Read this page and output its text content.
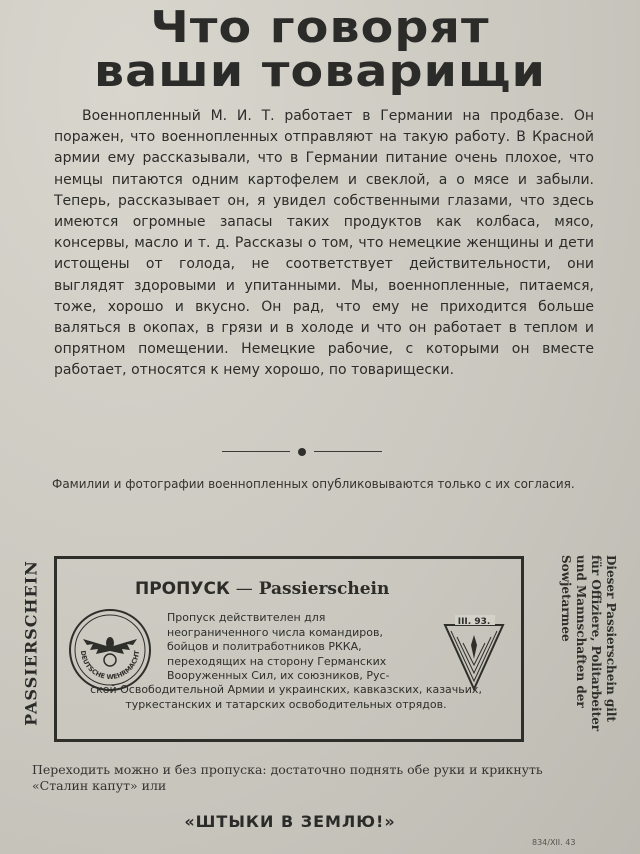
Что говорят
ваши товарищи
Военнопленный М. И. Т. работает в Германии на продбазе. Он поражен, что военнопленных отправляют на такую работу. В Красной армии ему рассказывали, что в Германии питание очень плохое, что немцы питаются одним картофелем и свеклой, а о мясе и забыли. Теперь, рассказывает он, я увидел собственными глазами, что здесь имеются огромные запасы таких продуктов как колбаса, мясо, консервы, масло и т. д. Рассказы о том, что немецкие женщины и дети истощены от голода, не соответствует действительности, они выглядят здоровыми и упитанными. Мы, военнопленные, питаемся, тоже, хорошо и вкусно. Он рад, что ему не приходится больше валяться в окопах, в грязи и в холоде и что он работает в теплом и опрятном помещении. Немецкие рабочие, с которыми он вместе работает, относятся к нему хорошо, по товарищески.
Фамилии и фотографии военнопленных опубликовываются только с их согласия.
PASSIERSCHEIN	ПРОПУСК — Passierschein
DEUTSCHE WEHRMACHT
III. 93.
Пропуск действителен для неограниченного числа командиров, бойцов и политработников РККА, переходящих на сторону Германских Вооруженных Сил, их союзников, Рус-
ской Освободительной Армии и украинских, кавказских, казачьих, туркестанских и татарских освободительных отрядов.	Dieser Passierschein gilt für Offiziere, Politarbeiter und Mannschaften der Sowjetarmee
Переходить можно и без пропуска: достаточно поднять обе руки и крикнуть «Сталин капут» или
«ШТЫКИ В ЗЕМЛЮ!»
834/XII. 43
